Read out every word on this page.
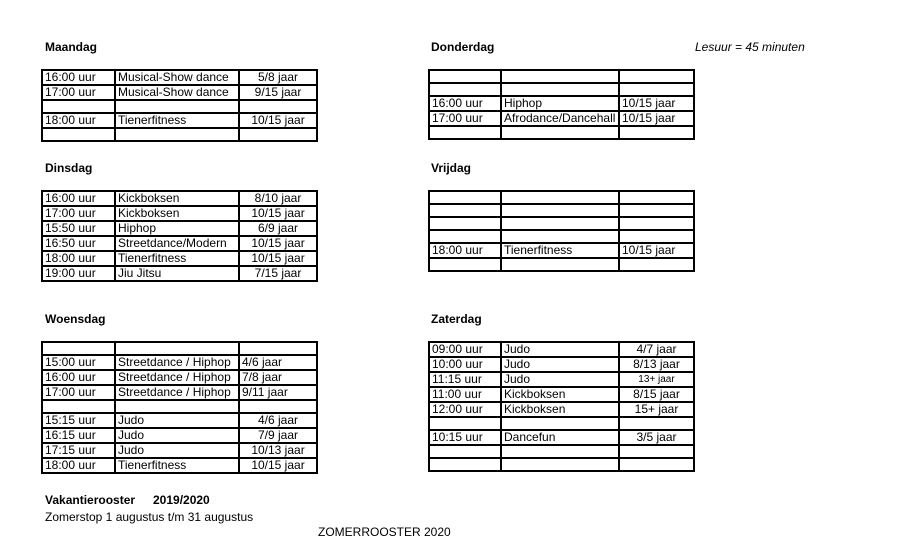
Maandag	Donderdag	Lesuur = 45 minuten
Dinsdag	Vrijdag
Woensdag	Zaterdag
16:00 uur	Musical-Show dance	5/8 jaar
17:00 uur	Musical-Show dance	9/15 jaar

18:00 uur	Tienerfitness	10/15 jaar

16:00 uur	Hiphop	10/15 jaar
17:00 uur	Afrodance/Dancehall	10/15 jaar

16:00 uur	Kickboksen	8/10 jaar
17:00 uur	Kickboksen	10/15 jaar
15:50 uur	Hiphop	6/9 jaar
16:50 uur	Streetdance/Modern	10/15 jaar
18:00 uur	Tienerfitness	10/15 jaar
19:00 uur	Jiu Jitsu	7/15 jaar

18:00 uur	Tienerfitness	10/15 jaar

15:00 uur	Streetdance / Hiphop	4/6 jaar
16:00 uur	Streetdance / Hiphop	7/8 jaar
17:00 uur	Streetdance / Hiphop	9/11 jaar

15:15 uur	Judo	4/6 jaar
16:15 uur	Judo	7/9 jaar
17:15 uur	Judo	10/13 jaar
18:00 uur	Tienerfitness	10/15 jaar
09:00 uur	Judo	4/7 jaar
10:00 uur	Judo	8/13 jaar
11:15 uur	Judo	13+ jaar
11:00 uur	Kickboksen	8/15 jaar
12:00 uur	Kickboksen	15+ jaar

10:15 uur	Dancefun	3/5 jaar

Vakantierooster 2019/2020
Zomerstop 1 augustus t/m 31 augustus
ZOMERROOSTER 2020
